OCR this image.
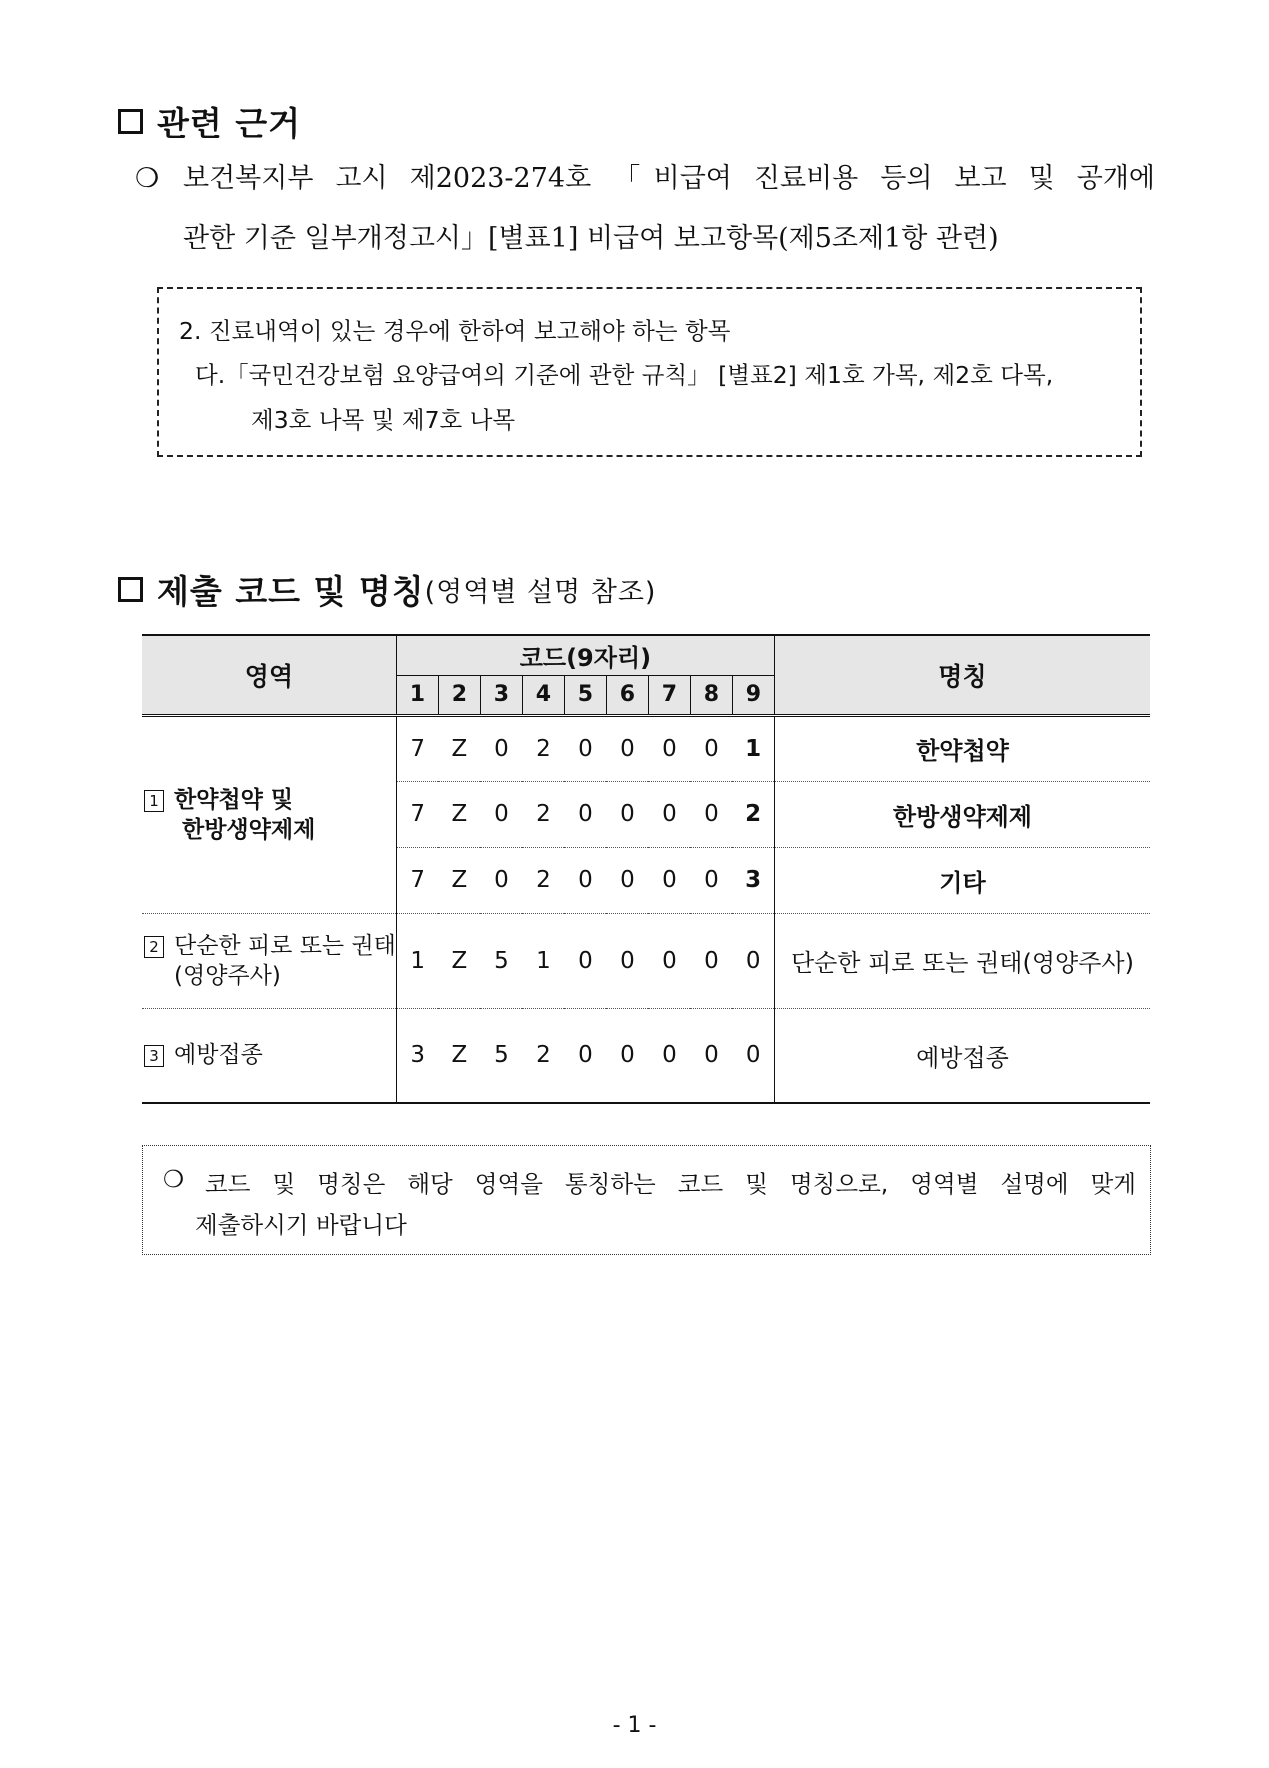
관련 근거
❍ 보건복지부 고시 제2023-274호 「비급여 진료비용 등의 보고 및 공개에
관한 기준 일부개정고시」[별표1] 비급여 보고항목(제5조제1항 관련)
2. 진료내역이 있는 경우에 한하여 보고해야 하는 항목
다.「국민건강보험 요양급여의 기준에 관한 규칙」 [별표2] 제1호 가목, 제2호 다목,
제3호 나목 및 제7호 나목
제출 코드 및 명칭 (영역별 설명 참조)
영역	코드(9자리)									명칭
	1	2	3	4	5	6	7	8	9	

1 한약첩약 및
한방생약제제	7	Z	0	2	0	0	0	0	1	한약첩약
	7	Z	0	2	0	0	0	0	2	한방생약제제
	7	Z	0	2	0	0	0	0	3	기타

2 단순한 피로 또는 권태
(영양주사)	1	Z	5	1	0	0	0	0	0	단순한 피로 또는 권태(영양주사)

3 예방접종	3	Z	5	2	0	0	0	0	0	예방접종
❍ 코드 및 명칭은 해당 영역을 통칭하는 코드 및 명칭으로, 영역별 설명에 맞게
제출하시기 바랍니다
- 1 -
